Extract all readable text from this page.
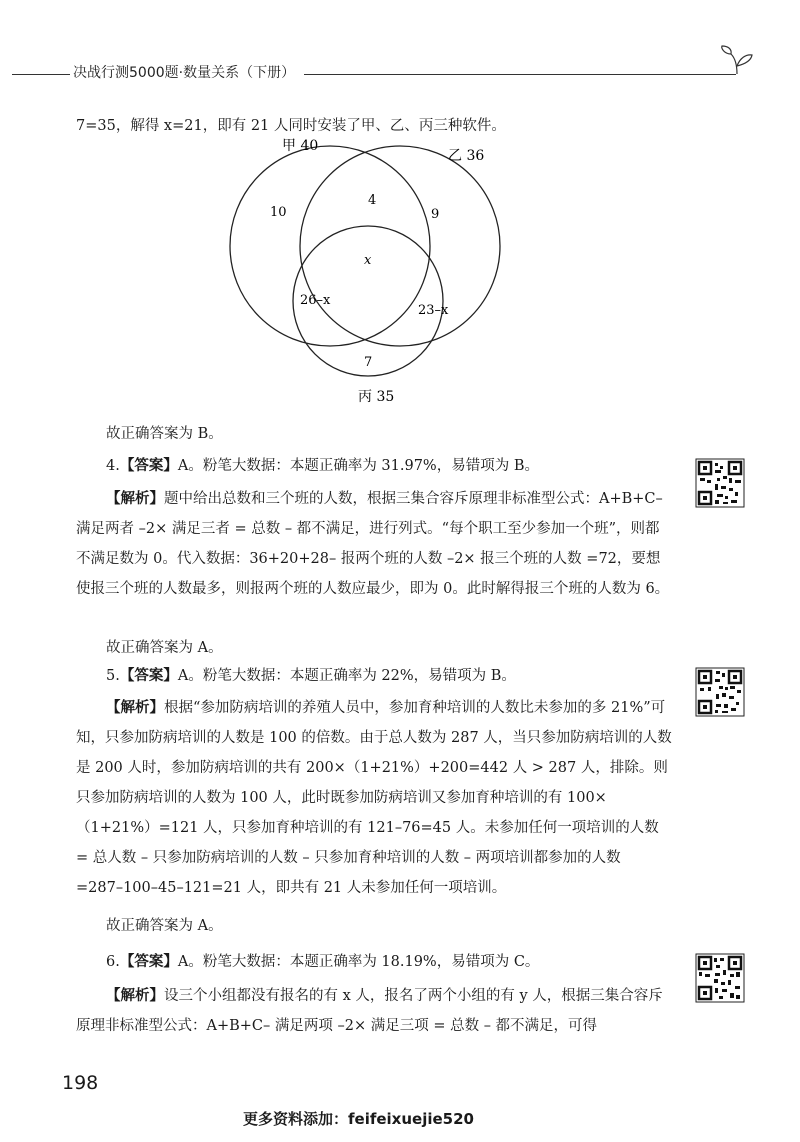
决战行测5000题·数量关系（下册）
7=35，解得 x=21，即有 21 人同时安装了甲、乙、丙三种软件。
甲 40
乙 36
10
4
9
x
26–x
23–x
7
丙 35
故正确答案为 B。
4.【答案】A。粉笔大数据：本题正确率为 31.97%，易错项为 B。
【解析】题中给出总数和三个班的人数，根据三集合容斥原理非标准型公式：A+B+C– 满足两者 –2× 满足三者 = 总数 – 都不满足，进行列式。“每个职工至少参加一个班”，则都不满足数为 0。代入数据：36+20+28– 报两个班的人数 –2× 报三个班的人数 =72，要想使报三个班的人数最多，则报两个班的人数应最少，即为 0。此时解得报三个班的人数为 6。
故正确答案为 A。
5.【答案】A。粉笔大数据：本题正确率为 22%，易错项为 B。
【解析】根据“参加防病培训的养殖人员中，参加育种培训的人数比未参加的多 21%”可知，只参加防病培训的人数是 100 的倍数。由于总人数为 287 人，当只参加防病培训的人数是 200 人时，参加防病培训的共有 200×（1+21%）+200=442 人 > 287 人，排除。则只参加防病培训的人数为 100 人，此时既参加防病培训又参加育种培训的有 100×（1+21%）=121 人，只参加育种培训的有 121–76=45 人。未参加任何一项培训的人数 = 总人数 – 只参加防病培训的人数 – 只参加育种培训的人数 – 两项培训都参加的人数 =287–100–45–121=21 人，即共有 21 人未参加任何一项培训。
故正确答案为 A。
6.【答案】A。粉笔大数据：本题正确率为 18.19%，易错项为 C。
【解析】设三个小组都没有报名的有 x 人，报名了两个小组的有 y 人，根据三集合容斥原理非标准型公式：A+B+C– 满足两项 –2× 满足三项 = 总数 – 都不满足，可得
198
更多资料添加：feifeixuejie520
